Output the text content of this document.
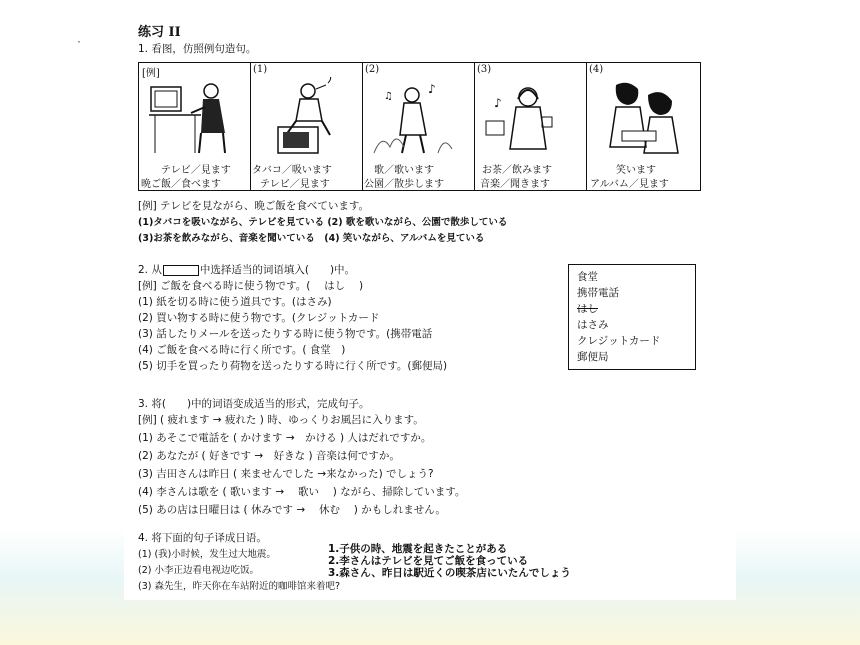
·
练习 II
1. 看图，仿照例句造句。
[例]
テレビ／見ます
晩ご飯／食べます
(1)
タバコ／吸います
テレビ／見ます
(2)
♪
♫
歌／歌います
公園／散歩します
(3)
♪
お茶／飲みます
音楽／聞きます
(4)
笑います
アルバム／見ます
[例] テレビを見ながら、晩ご飯を食べています。
(1)タバコを吸いながら、テレビを見ている (2) 歌を歌いながら、公園で散歩している
(3)お茶を飲みながら、音楽を聞いている　(4) 笑いながら、アルバムを見ている
2. 从	中选择适当的词语填入(　　)中。
[例] ご飯を食べる時に使う物です。(　 はし　 )
(1) 紙を切る時に使う道具です。(はさみ)
(2) 買い物する時に使う物です。(クレジットカード
(3) 話したりメールを送ったりする時に使う物です。(携帯電話
(4) ご飯を食べる時に行く所です。( 食堂　)
(5) 切手を買ったり荷物を送ったりする時に行く所です。(郵便局)
食堂
携帯電話
はし
はさみ
クレジットカード
郵便局
3. 将(　　)中的词语变成适当的形式，完成句子。
[例] ( 疲れます → 疲れた ) 時、ゆっくりお風呂に入ります。
(1) あそこで電話を ( かけます →　かける ) 人はだれですか。
(2) あなたが ( 好きです →　好きな ) 音楽は何ですか。
(3) 吉田さんは昨日 ( 来ませんでした →来なかった) でしょう?
(4) 李さんは歌を ( 歌います →　 歌い　 ) ながら、掃除しています。
(5) あの店は日曜日は ( 休みです →　 休む　 ) かもしれません。
4. 将下面的句子译成日语。
(1) (我)小时候，发生过大地震。
(2) 小李正边看电视边吃饭。
(3) 森先生，昨天你在车站附近的咖啡馆来着吧?
1.子供の時、地震を起きたことがある
2.李さんはテレビを見てご飯を食っている
3.森さん、昨日は駅近くの喫茶店にいたんでしょう
